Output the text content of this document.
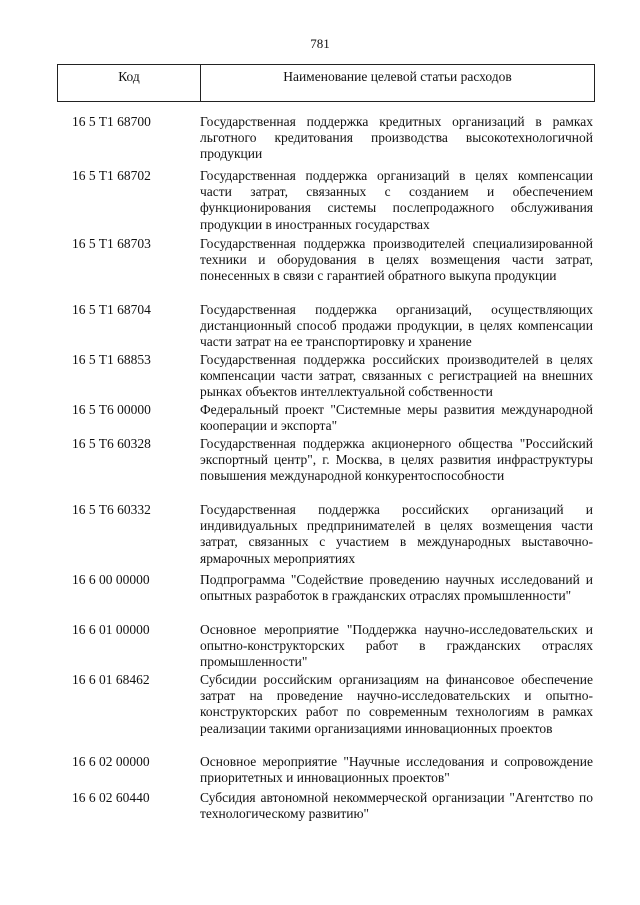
781
Код	Наименование целевой статьи расходов
16 5 T1 68700	Государственная поддержка кредитных организаций в рамках льготного кредитования производства высокотехнологичной продукции
16 5 T1 68702	Государственная поддержка организаций в целях компенсации части затрат, связанных с созданием и обеспечением функционирования системы послепродажного обслуживания продукции в иностранных государствах
16 5 T1 68703	Государственная поддержка производителей специализированной техники и оборудования в целях возмещения части затрат, понесенных в связи с гарантией обратного выкупа продукции
16 5 T1 68704	Государственная поддержка организаций, осуществляющих дистанционный способ продажи продукции, в целях компенсации части затрат на ее транспортировку и хранение
16 5 T1 68853	Государственная поддержка российских производителей в целях компенсации части затрат, связанных с регистрацией на внешних рынках объектов интеллектуальной собственности
16 5 T6 00000	Федеральный проект "Системные меры развития международной кооперации и экспорта"
16 5 T6 60328	Государственная поддержка акционерного общества "Российский экспортный центр", г. Москва, в целях развития инфраструктуры повышения международной конкурентоспособности
16 5 T6 60332	Государственная поддержка российских организаций и индивидуальных предпринимателей в целях возмещения части затрат, связанных с участием в международных выставочно-ярмарочных мероприятиях
16 6 00 00000	Подпрограмма "Содействие проведению научных исследований и опытных разработок в гражданских отраслях промышленности"
16 6 01 00000	Основное мероприятие "Поддержка научно-исследовательских и опытно-конструкторских работ в гражданских отраслях промышленности"
16 6 01 68462	Субсидии российским организациям на финансовое обеспечение затрат на проведение научно-исследовательских и опытно-конструкторских работ по современным технологиям в рамках реализации такими организациями инновационных проектов
16 6 02 00000	Основное мероприятие "Научные исследования и сопровождение приоритетных и инновационных проектов"
16 6 02 60440	Субсидия автономной некоммерческой организации "Агентство по технологическому развитию"
